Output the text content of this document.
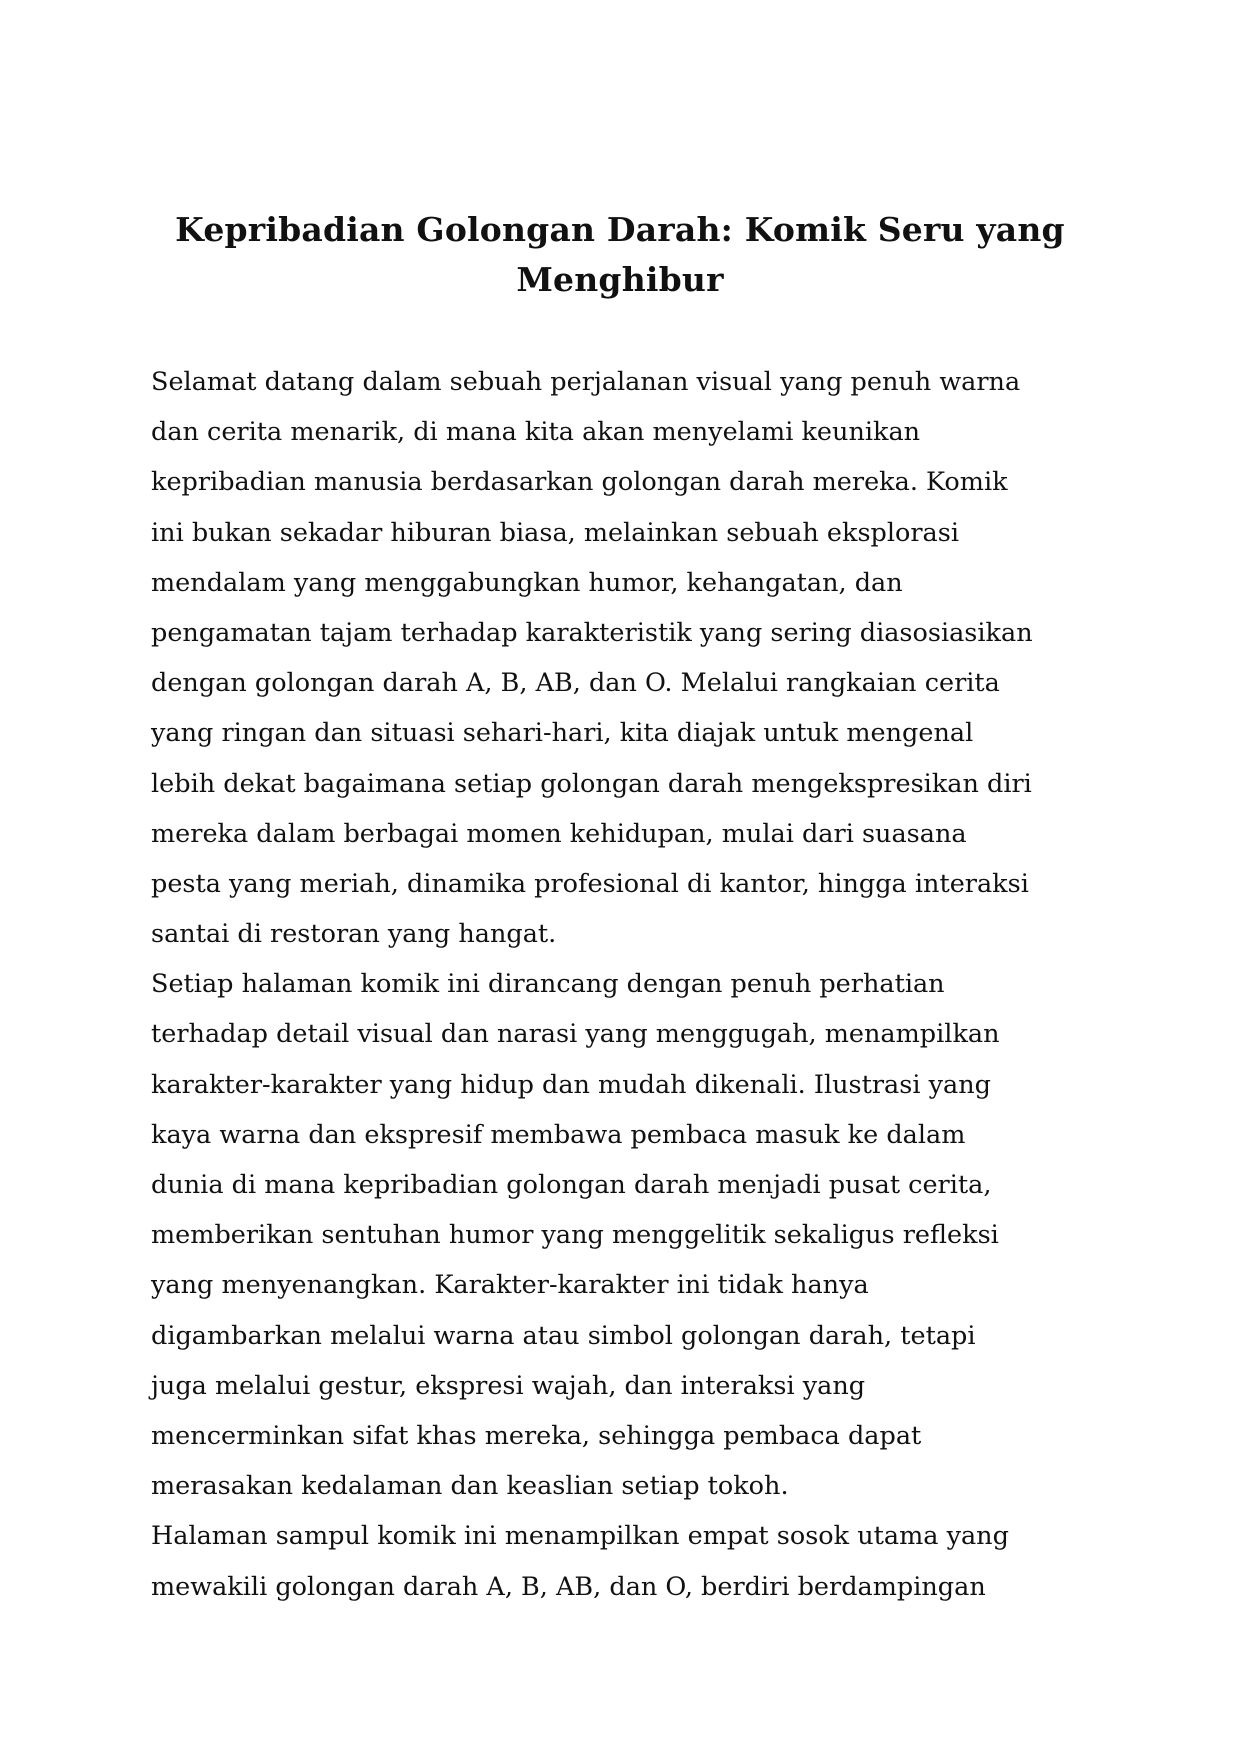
Kepribadian Golongan Darah: Komik Seru yang
Menghibur

Selamat datang dalam sebuah perjalanan visual yang penuh warna
dan cerita menarik, di mana kita akan menyelami keunikan
kepribadian manusia berdasarkan golongan darah mereka. Komik
ini bukan sekadar hiburan biasa, melainkan sebuah eksplorasi
mendalam yang menggabungkan humor, kehangatan, dan
pengamatan tajam terhadap karakteristik yang sering diasosiasikan
dengan golongan darah A, B, AB, dan O. Melalui rangkaian cerita
yang ringan dan situasi sehari-hari, kita diajak untuk mengenal
lebih dekat bagaimana setiap golongan darah mengekspresikan diri
mereka dalam berbagai momen kehidupan, mulai dari suasana
pesta yang meriah, dinamika profesional di kantor, hingga interaksi
santai di restoran yang hangat.

Setiap halaman komik ini dirancang dengan penuh perhatian
terhadap detail visual dan narasi yang menggugah, menampilkan
karakter-karakter yang hidup dan mudah dikenali. Ilustrasi yang
kaya warna dan ekspresif membawa pembaca masuk ke dalam
dunia di mana kepribadian golongan darah menjadi pusat cerita,
memberikan sentuhan humor yang menggelitik sekaligus refleksi
yang menyenangkan. Karakter-karakter ini tidak hanya
digambarkan melalui warna atau simbol golongan darah, tetapi
juga melalui gestur, ekspresi wajah, dan interaksi yang
mencerminkan sifat khas mereka, sehingga pembaca dapat
merasakan kedalaman dan keaslian setiap tokoh.

Halaman sampul komik ini menampilkan empat sosok utama yang
mewakili golongan darah A, B, AB, dan O, berdiri berdampingan
